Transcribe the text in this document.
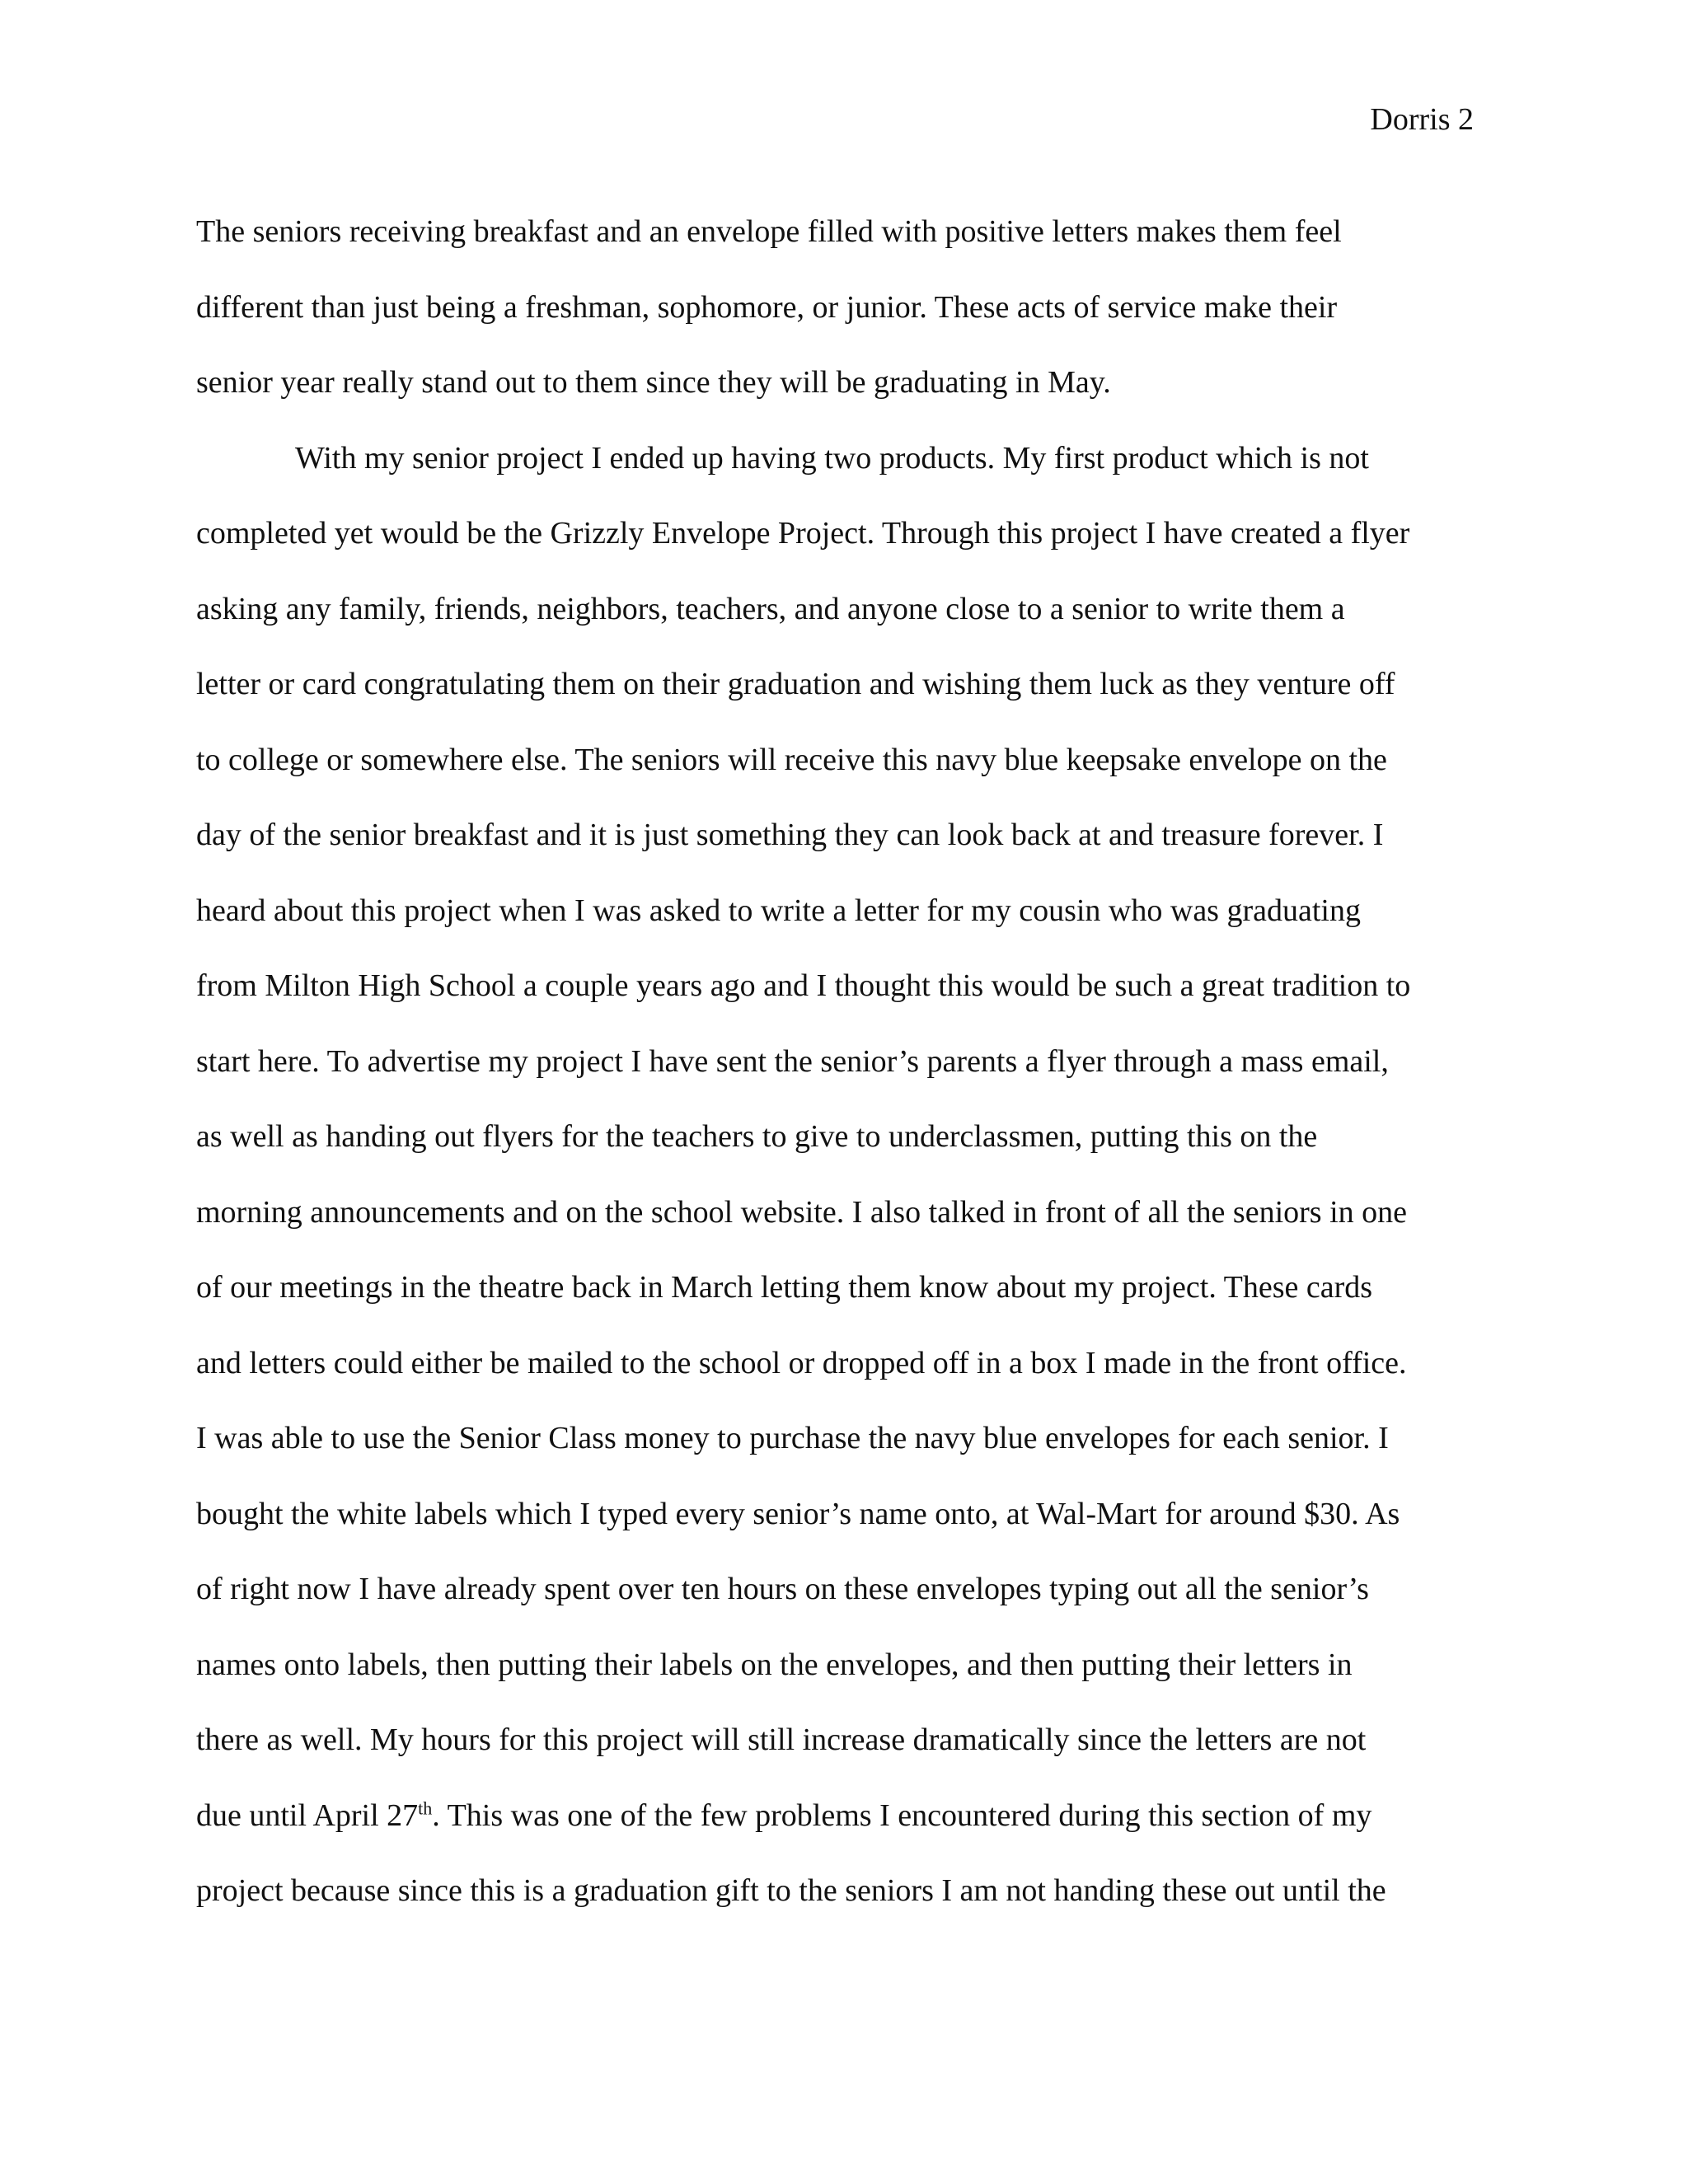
Dorris 2
The seniors receiving breakfast and an envelope filled with positive letters makes them feel
different than just being a freshman, sophomore, or junior. These acts of service make their
senior year really stand out to them since they will be graduating in May.
With my senior project I ended up having two products. My first product which is not
completed yet would be the Grizzly Envelope Project. Through this project I have created a flyer
asking any family, friends, neighbors, teachers, and anyone close to a senior to write them a
letter or card congratulating them on their graduation and wishing them luck as they venture off
to college or somewhere else. The seniors will receive this navy blue keepsake envelope on the
day of the senior breakfast and it is just something they can look back at and treasure forever. I
heard about this project when I was asked to write a letter for my cousin who was graduating
from Milton High School a couple years ago and I thought this would be such a great tradition to
start here. To advertise my project I have sent the senior’s parents a flyer through a mass email,
as well as handing out flyers for the teachers to give to underclassmen, putting this on the
morning announcements and on the school website. I also talked in front of all the seniors in one
of our meetings in the theatre back in March letting them know about my project. These cards
and letters could either be mailed to the school or dropped off in a box I made in the front office.
I was able to use the Senior Class money to purchase the navy blue envelopes for each senior. I
bought the white labels which I typed every senior’s name onto, at Wal-Mart for around $30. As
of right now I have already spent over ten hours on these envelopes typing out all the senior’s
names onto labels, then putting their labels on the envelopes, and then putting their letters in
there as well. My hours for this project will still increase dramatically since the letters are not
due until April 27th. This was one of the few problems I encountered during this section of my
project because since this is a graduation gift to the seniors I am not handing these out until the
